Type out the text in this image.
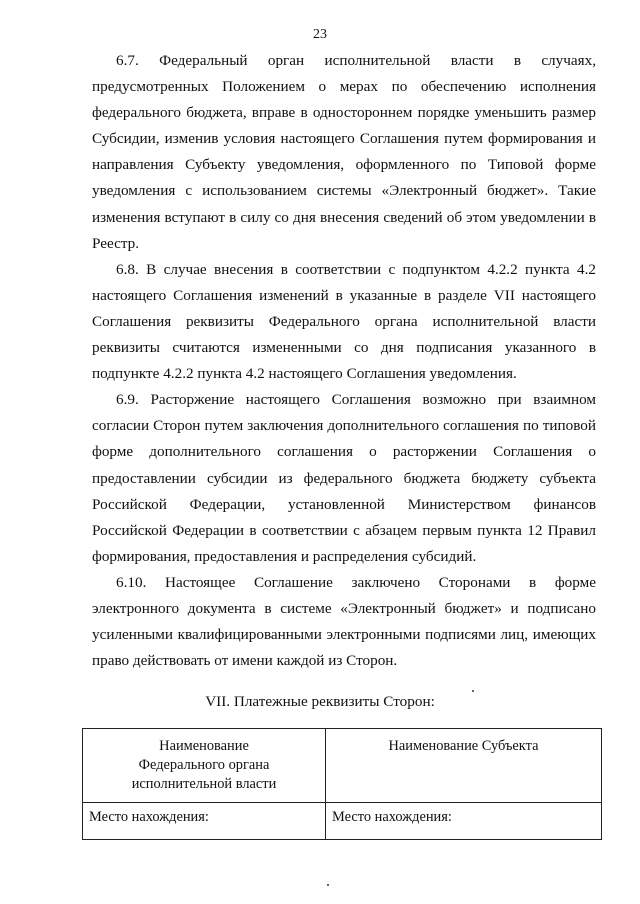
23

6.7. Федеральный орган исполнительной власти в случаях, предусмотренных Положением о мерах по обеспечению исполнения федерального бюджета, вправе в одностороннем порядке уменьшить размер Субсидии, изменив условия настоящего Соглашения путем формирования и направления Субъекту уведомления, оформленного по Типовой форме уведомления с использованием системы «Электронный бюджет». Такие изменения вступают в силу со дня внесения сведений об этом уведомлении в Реестр.

6.8. В случае внесения в соответствии с подпунктом 4.2.2 пункта 4.2 настоящего Соглашения изменений в указанные в разделе VII настоящего Соглашения реквизиты Федерального органа исполнительной власти реквизиты считаются измененными со дня подписания указанного в подпункте 4.2.2 пункта 4.2 настоящего Соглашения уведомления.

6.9. Расторжение настоящего Соглашения возможно при взаимном согласии Сторон путем заключения дополнительного соглашения по типовой форме дополнительного соглашения о расторжении Соглашения о предоставлении субсидии из федерального бюджета бюджету субъекта Российской Федерации, установленной Министерством финансов Российской Федерации в соответствии с абзацем первым пункта 12 Правил формирования, предоставления и распределения субсидий.

6.10. Настоящее Соглашение заключено Сторонами в форме электронного документа в системе «Электронный бюджет» и подписано усиленными квалифицированными электронными подписями лиц, имеющих право действовать от имени каждой из Сторон.

VII. Платежные реквизиты Сторон:
Наименование
Федерального органа
исполнительной власти	Наименование Субъекта
Место нахождения:	Место нахождения:
